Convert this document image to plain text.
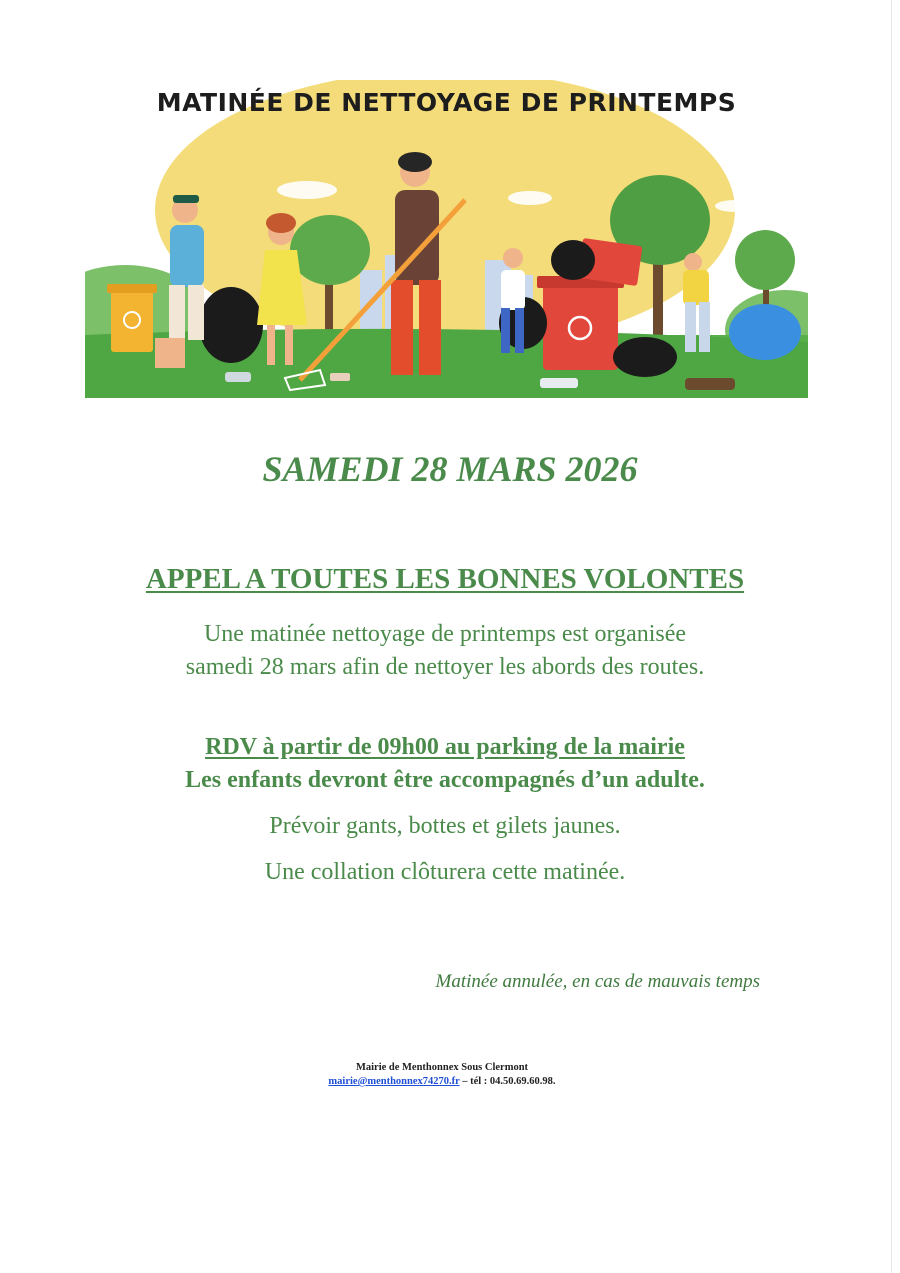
MATINÉE DE NETTOYAGE DE PRINTEMPS
SAMEDI 28 MARS 2026
APPEL A TOUTES LES BONNES VOLONTES
Une matinée nettoyage de printemps est organisée
samedi 28 mars afin de nettoyer les abords des routes.
RDV à partir de 09h00 au parking de la mairie
Les enfants devront être accompagnés d’un adulte.
Prévoir gants, bottes et gilets jaunes.
Une collation clôturera cette matinée.
Matinée annulée, en cas de mauvais temps
Mairie de Menthonnex Sous Clermont
mairie@menthonnex74270.fr – tél : 04.50.69.60.98.
